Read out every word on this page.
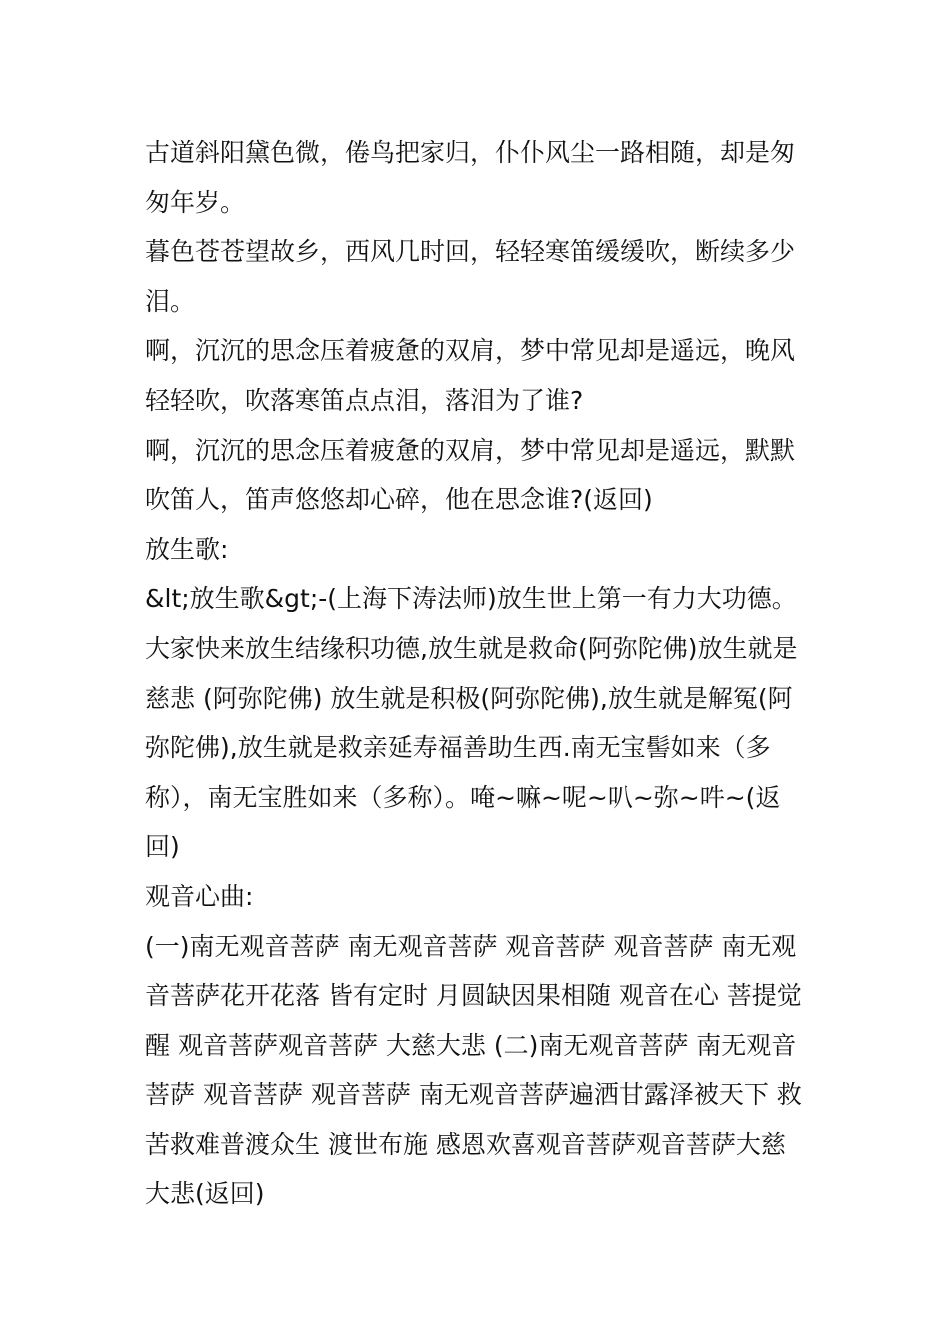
古道斜阳黛色微，倦鸟把家归，仆仆风尘一路相随，却是匆匆年岁。

暮色苍苍望故乡，西风几时回，轻轻寒笛缓缓吹，断续多少泪。

啊，沉沉的思念压着疲惫的双肩，梦中常见却是遥远，晚风轻轻吹，吹落寒笛点点泪，落泪为了谁?

啊，沉沉的思念压着疲惫的双肩，梦中常见却是遥远，默默吹笛人，笛声悠悠却心碎，他在思念谁?(返回)

放生歌:

&lt;放生歌&gt;-(上海下涛法师)放生世上第一有力大功德。大家快来放生结缘积功德,放生就是救命(阿弥陀佛)放生就是慈悲 (阿弥陀佛) 放生就是积极(阿弥陀佛),放生就是解冤(阿弥陀佛),放生就是救亲延寿福善助生西.南无宝髻如来（多称），南无宝胜如来（多称）。唵~嘛~呢~叭~弥~吽~(返回)

观音心曲:

(一)南无观音菩萨 南无观音菩萨 观音菩萨 观音菩萨 南无观音菩萨花开花落 皆有定时 月圆缺因果相随 观音在心 菩提觉醒 观音菩萨观音菩萨 大慈大悲 (二)南无观音菩萨 南无观音菩萨 观音菩萨 观音菩萨 南无观音菩萨遍洒甘露泽被天下 救苦救难普渡众生 渡世布施 感恩欢喜观音菩萨观音菩萨大慈大悲(返回)
